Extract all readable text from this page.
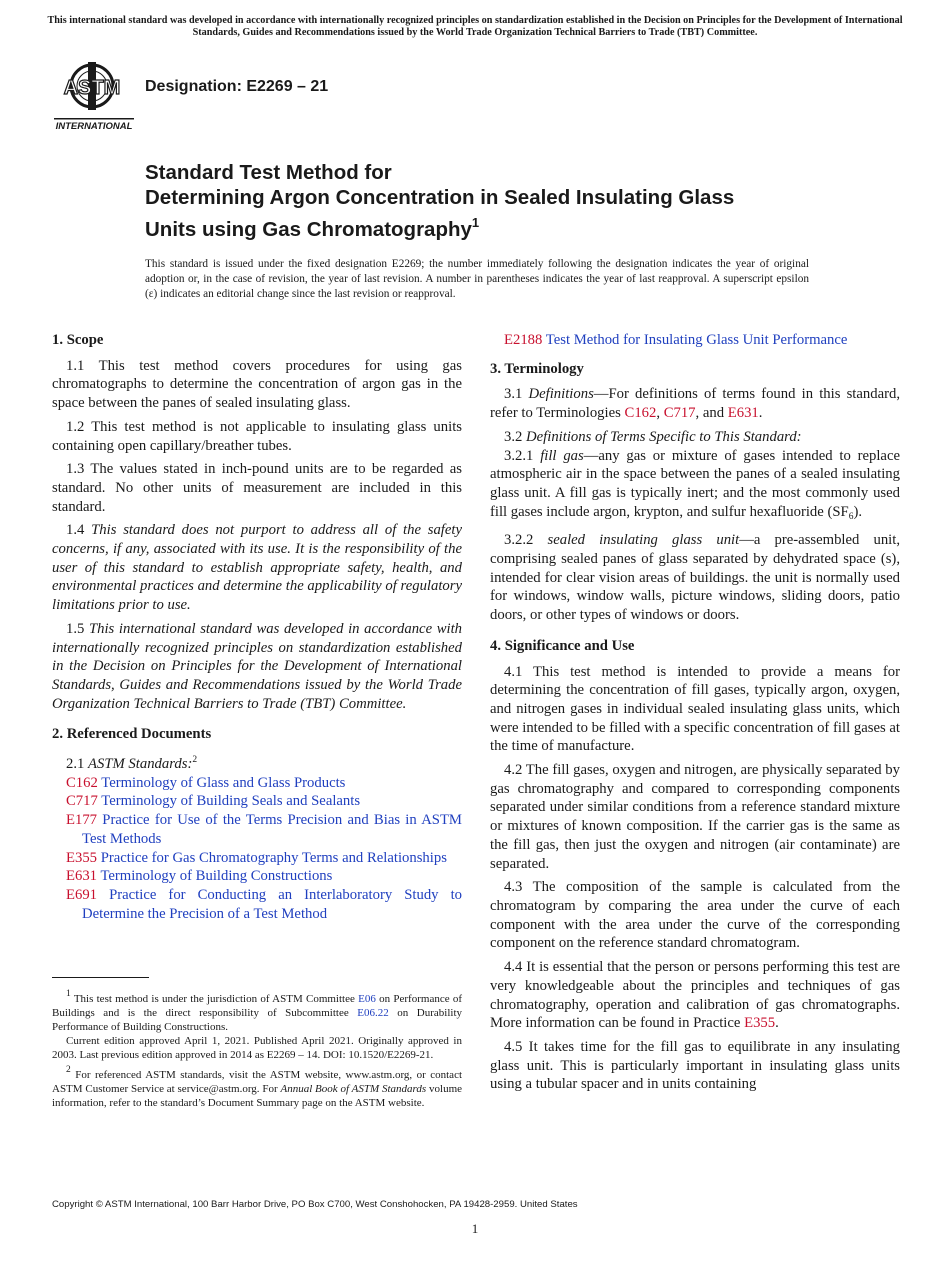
This international standard was developed in accordance with internationally recognized principles on standardization established in the Decision on Principles for the Development of International Standards, Guides and Recommendations issued by the World Trade Organization Technical Barriers to Trade (TBT) Committee.
ASTM
INTERNATIONAL
Designation: E2269 – 21
Standard Test Method for
Determining Argon Concentration in Sealed Insulating Glass
Units using Gas Chromatography$^1$
This standard is issued under the fixed designation E2269; the number immediately following the designation indicates the year of original adoption or, in the case of revision, the year of last revision. A number in parentheses indicates the year of last reapproval. A superscript epsilon (ε) indicates an editorial change since the last revision or reapproval.
1. Scope

1.1 This test method covers procedures for using gas chromatographs to determine the concentration of argon gas in the space between the panes of sealed insulating glass.

1.2 This test method is not applicable to insulating glass units containing open capillary/breather tubes.

1.3 The values stated in inch-pound units are to be regarded as standard. No other units of measurement are included in this standard.

1.4 This standard does not purport to address all of the safety concerns, if any, associated with its use. It is the responsibility of the user of this standard to establish appropriate safety, health, and environmental practices and determine the applicability of regulatory limitations prior to use.

1.5 This international standard was developed in accordance with internationally recognized principles on standardization established in the Decision on Principles for the Development of International Standards, Guides and Recommendations issued by the World Trade Organization Technical Barriers to Trade (TBT) Committee.

2. Referenced Documents

2.1 ASTM Standards:$^2$

C162 Terminology of Glass and Glass Products
C717 Terminology of Building Seals and Sealants
E177 Practice for Use of the Terms Precision and Bias in ASTM Test Methods
E355 Practice for Gas Chromatography Terms and Relationships
E631 Terminology of Building Constructions
E691 Practice for Conducting an Interlaboratory Study to Determine the Precision of a Test Method

1 This test method is under the jurisdiction of ASTM Committee E06 on Performance of Buildings and is the direct responsibility of Subcommittee E06.22 on Durability Performance of Building Constructions.

Current edition approved April 1, 2021. Published April 2021. Originally approved in 2003. Last previous edition approved in 2014 as E2269 – 14. DOI: 10.1520/E2269-21.

2 For referenced ASTM standards, visit the ASTM website, www.astm.org, or contact ASTM Customer Service at service@astm.org. For Annual Book of ASTM Standards volume information, refer to the standard’s Document Summary page on the ASTM website.

E2188 Test Method for Insulating Glass Unit Performance
3. Terminology

3.1 Definitions—For definitions of terms found in this standard, refer to Terminologies C162, C717, and E631.

3.2 Definitions of Terms Specific to This Standard:

3.2.1 fill gas—any gas or mixture of gases intended to replace atmospheric air in the space between the panes of a sealed insulating glass unit. A fill gas is typically inert; and the most commonly used fill gases include argon, krypton, and sulfur hexafluoride $(SF_6)$.

3.2.2 sealed insulating glass unit—a pre-assembled unit, comprising sealed panes of glass separated by dehydrated space (s), intended for clear vision areas of buildings. the unit is normally used for windows, window walls, picture windows, sliding doors, patio doors, or other types of windows or doors.

4. Significance and Use

4.1 This test method is intended to provide a means for determining the concentration of fill gases, typically argon, oxygen, and nitrogen gases in individual sealed insulating glass units, which were intended to be filled with a specific concentration of fill gases at the time of manufacture.

4.2 The fill gases, oxygen and nitrogen, are physically separated by gas chromatography and compared to corresponding components separated under similar conditions from a reference standard mixture or mixtures of known composition. If the carrier gas is the same as the fill gas, then just the oxygen and nitrogen (air contaminate) are separated.

4.3 The composition of the sample is calculated from the chromatogram by comparing the area under the curve of each component with the area under the curve of the corresponding component on the reference standard chromatogram.

4.4 It is essential that the person or persons performing this test are very knowledgeable about the principles and techniques of gas chromatography, operation and calibration of gas chromatographs. More information can be found in Practice E355.

4.5 It takes time for the fill gas to equilibrate in any insulating glass unit. This is particularly important in insulating glass units using a tubular spacer and in units containing

Copyright © ASTM International, 100 Barr Harbor Drive, PO Box C700, West Conshohocken, PA 19428-2959. United States
1
